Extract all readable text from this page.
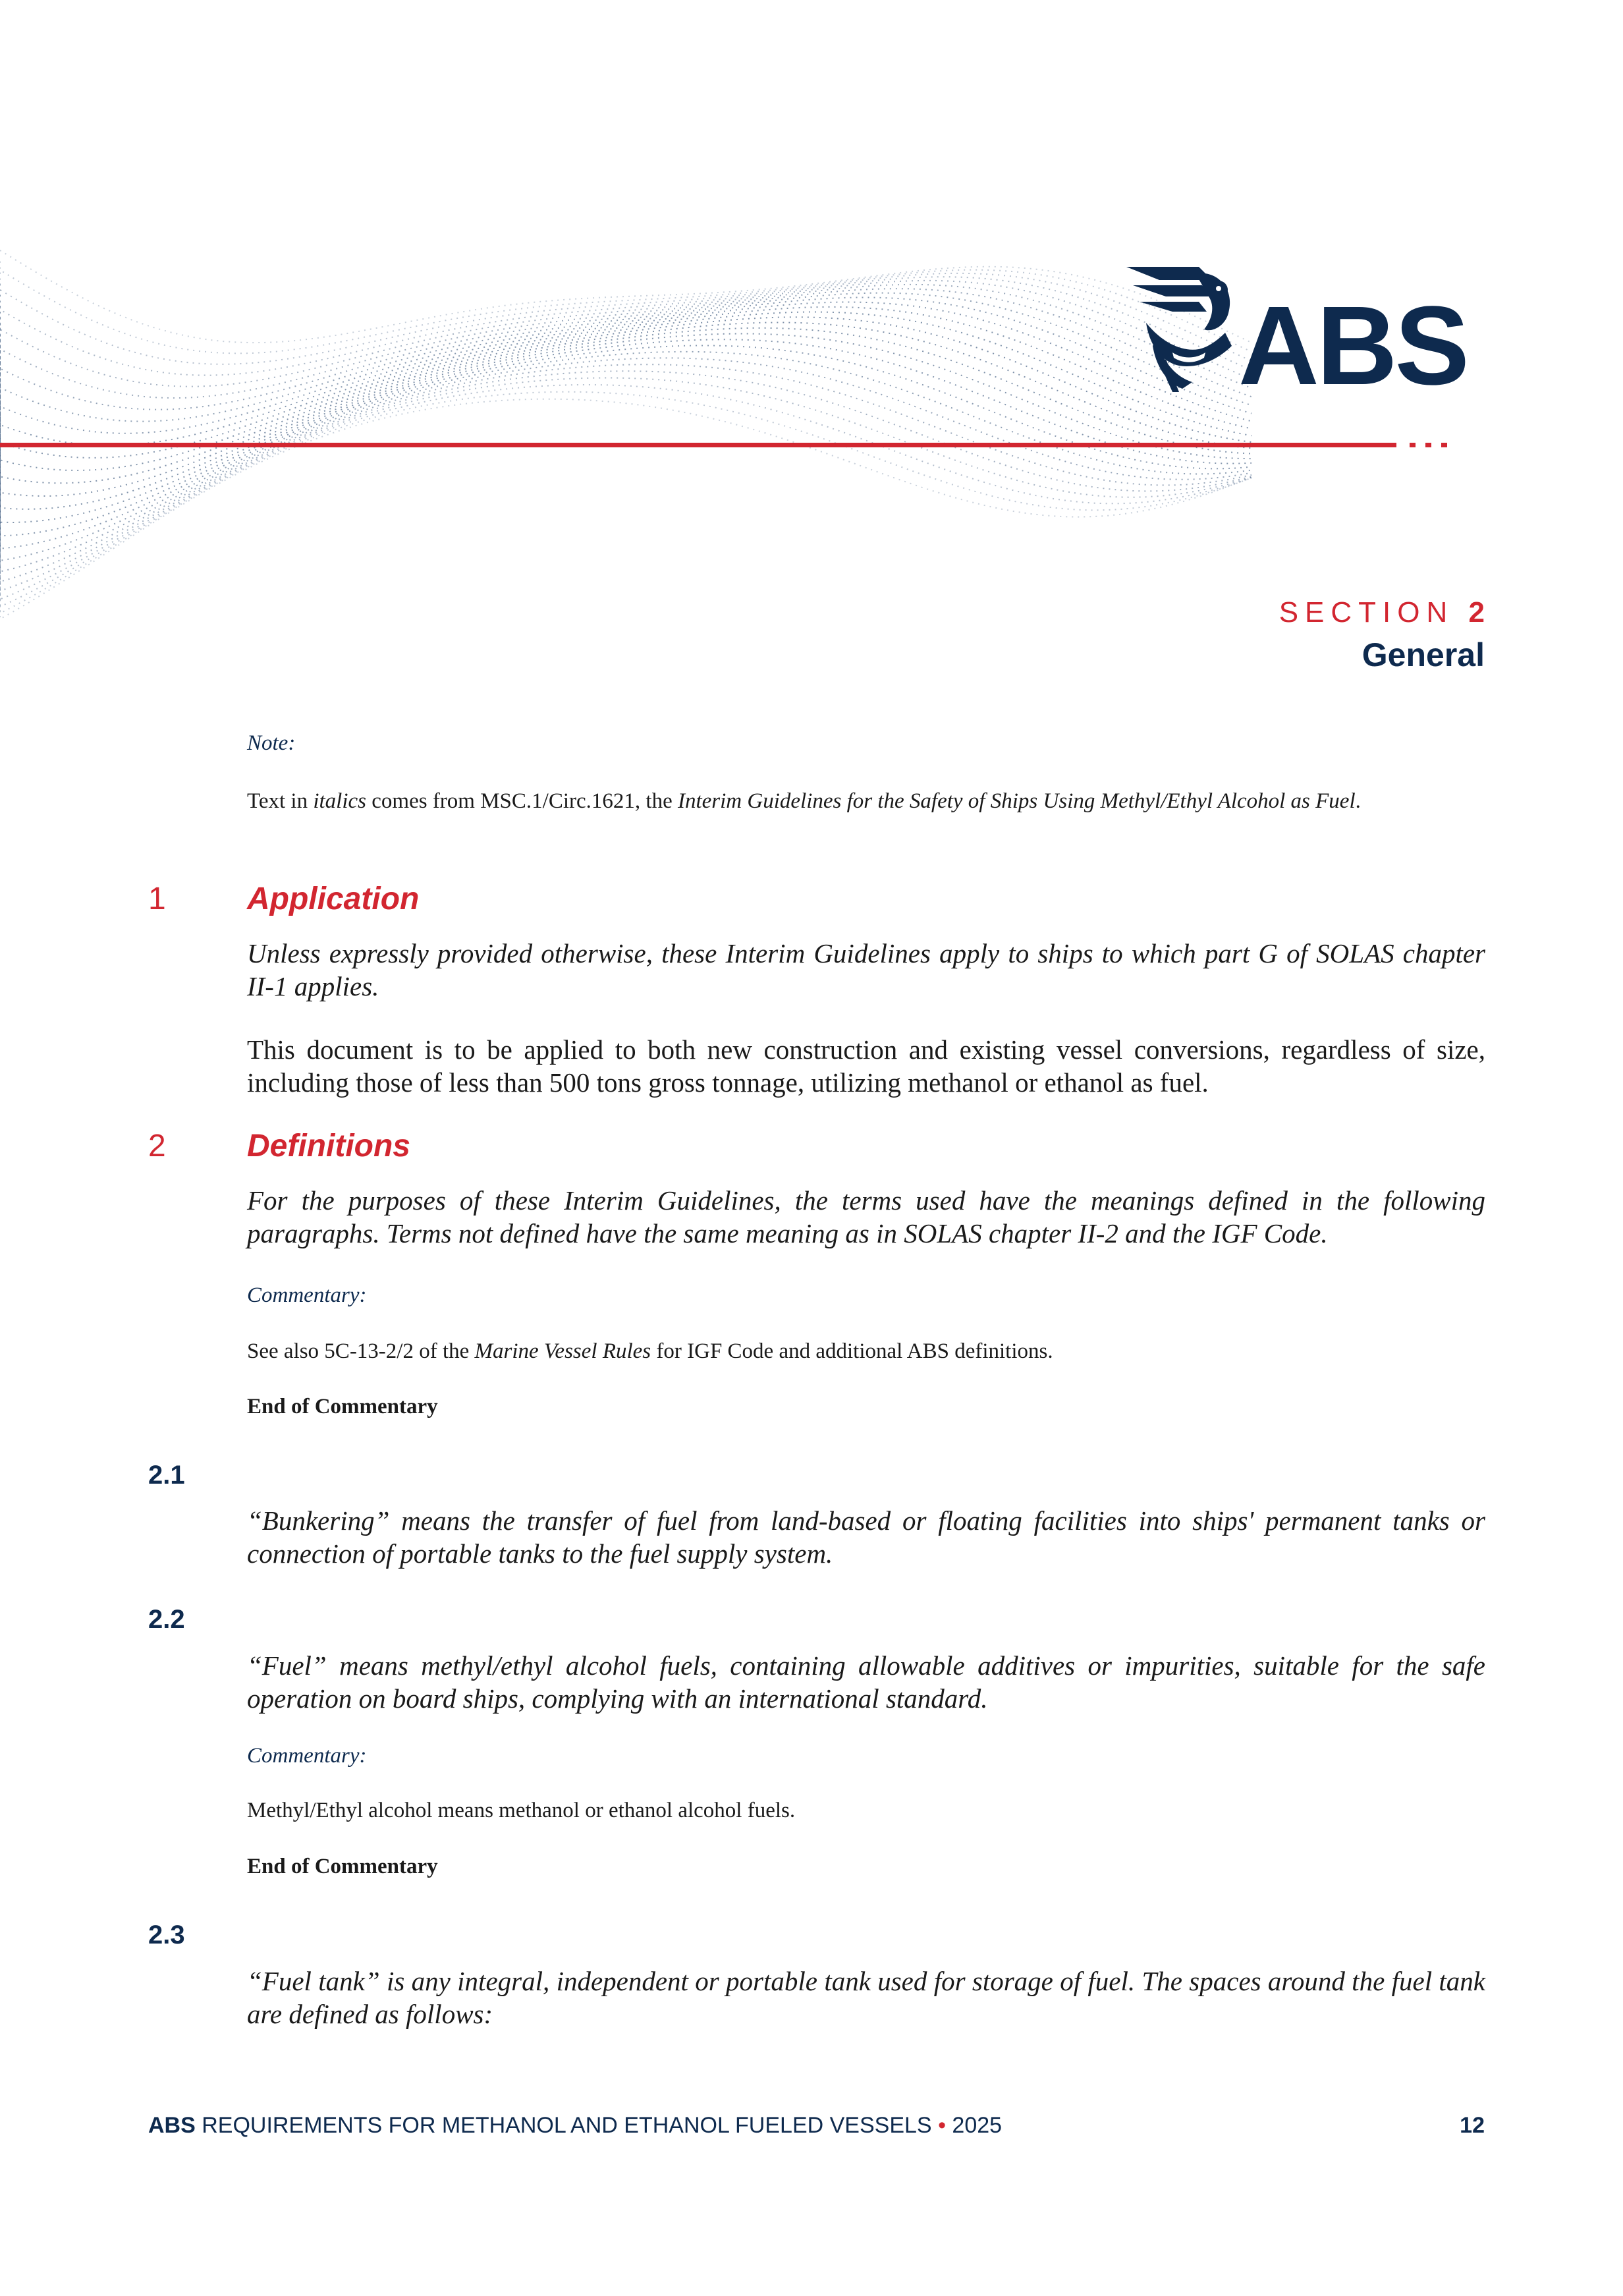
ABS
SECTION 2
General
Note:
Text in italics comes from MSC.1/Circ.1621, the Interim Guidelines for the Safety of Ships Using Methyl/Ethyl Alcohol as Fuel.
1	Application
Unless expressly provided otherwise, these Interim Guidelines apply to ships to which part G of SOLAS chapter II-1 applies.
This document is to be applied to both new construction and existing vessel conversions, regardless of size, including those of less than 500 tons gross tonnage, utilizing methanol or ethanol as fuel.
2	Definitions
For the purposes of these Interim Guidelines, the terms used have the meanings defined in the following paragraphs. Terms not defined have the same meaning as in SOLAS chapter II-2 and the IGF Code.
Commentary:
See also 5C-13-2/2 of the Marine Vessel Rules for IGF Code and additional ABS definitions.
End of Commentary
2.1
“Bunkering” means the transfer of fuel from land-based or floating facilities into ships' permanent tanks or connection of portable tanks to the fuel supply system.
2.2
“Fuel” means methyl/ethyl alcohol fuels, containing allowable additives or impurities, suitable for the safe operation on board ships, complying with an international standard.
Commentary:
Methyl/Ethyl alcohol means methanol or ethanol alcohol fuels.
End of Commentary
2.3
“Fuel tank” is any integral, independent or portable tank used for storage of fuel. The spaces around the fuel tank are defined as follows:
ABS REQUIREMENTS FOR METHANOL AND ETHANOL FUELED VESSELS • 2025	12
